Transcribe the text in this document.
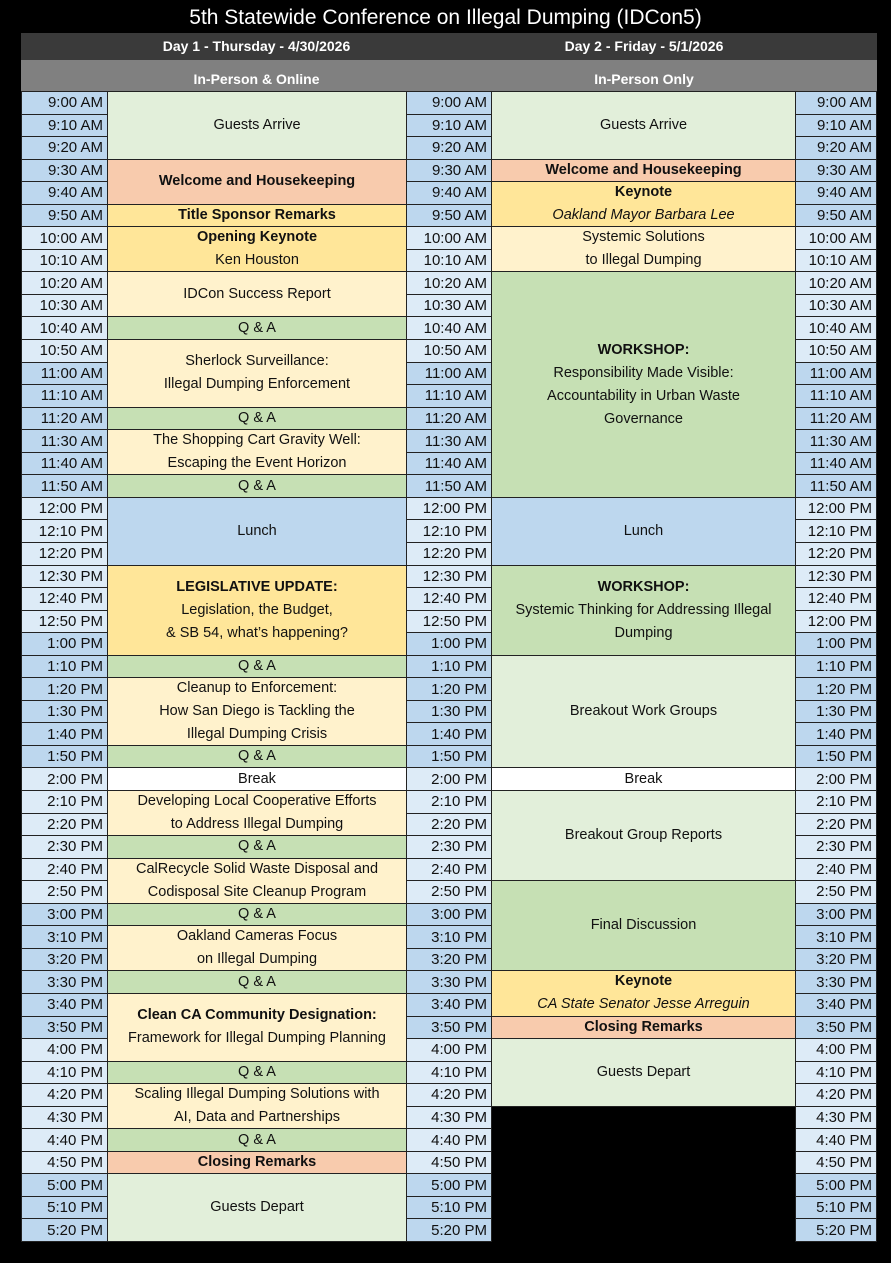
5th Statewide Conference on Illegal Dumping (IDCon5)
Day 1 - Thursday - 4/30/2026	Day 2 - Friday - 5/1/2026
In-Person & Online	In-Person Only
9:00 AM
9:10 AM
9:20 AM
9:30 AM
9:40 AM
9:50 AM
10:00 AM
10:10 AM
10:20 AM
10:30 AM
10:40 AM
10:50 AM
11:00 AM
11:10 AM
11:20 AM
11:30 AM
11:40 AM
11:50 AM
12:00 PM
12:10 PM
12:20 PM
12:30 PM
12:40 PM
12:50 PM
1:00 PM
1:10 PM
1:20 PM
1:30 PM
1:40 PM
1:50 PM
2:00 PM
2:10 PM
2:20 PM
2:30 PM
2:40 PM
2:50 PM
3:00 PM
3:10 PM
3:20 PM
3:30 PM
3:40 PM
3:50 PM
4:00 PM
4:10 PM
4:20 PM
4:30 PM
4:40 PM
4:50 PM
5:00 PM
5:10 PM
5:20 PM
9:00 AM
9:10 AM
9:20 AM
9:30 AM
9:40 AM
9:50 AM
10:00 AM
10:10 AM
10:20 AM
10:30 AM
10:40 AM
10:50 AM
11:00 AM
11:10 AM
11:20 AM
11:30 AM
11:40 AM
11:50 AM
12:00 PM
12:10 PM
12:20 PM
12:30 PM
12:40 PM
12:50 PM
1:00 PM
1:10 PM
1:20 PM
1:30 PM
1:40 PM
1:50 PM
2:00 PM
2:10 PM
2:20 PM
2:30 PM
2:40 PM
2:50 PM
3:00 PM
3:10 PM
3:20 PM
3:30 PM
3:40 PM
3:50 PM
4:00 PM
4:10 PM
4:20 PM
4:30 PM
4:40 PM
4:50 PM
5:00 PM
5:10 PM
5:20 PM
9:00 AM
9:10 AM
9:20 AM
9:30 AM
9:40 AM
9:50 AM
10:00 AM
10:10 AM
10:20 AM
10:30 AM
10:40 AM
10:50 AM
11:00 AM
11:10 AM
11:20 AM
11:30 AM
11:40 AM
11:50 AM
12:00 PM
12:10 PM
12:20 PM
12:30 PM
12:40 PM
12:00 PM
1:00 PM
1:10 PM
1:20 PM
1:30 PM
1:40 PM
1:50 PM
2:00 PM
2:10 PM
2:20 PM
2:30 PM
2:40 PM
2:50 PM
3:00 PM
3:10 PM
3:20 PM
3:30 PM
3:40 PM
3:50 PM
4:00 PM
4:10 PM
4:20 PM
4:30 PM
4:40 PM
4:50 PM
5:00 PM
5:10 PM
5:20 PM
Guests Arrive
Welcome and Housekeeping
Title Sponsor Remarks
Opening Keynote
Ken Houston
IDCon Success Report
Q & A
Sherlock Surveillance:
Illegal Dumping Enforcement
Q & A
The Shopping Cart Gravity Well:
Escaping the Event Horizon
Q & A
Lunch
LEGISLATIVE UPDATE:
Legislation, the Budget,
& SB 54, what’s happening?
Q & A
Cleanup to Enforcement:
How San Diego is Tackling the
Illegal Dumping Crisis
Q & A
Break
Developing Local Cooperative Efforts
to Address Illegal Dumping
Q & A
CalRecycle Solid Waste Disposal and
Codisposal Site Cleanup Program
Q & A
Oakland Cameras Focus
on Illegal Dumping
Q & A
Clean CA Community Designation:
Framework for Illegal Dumping Planning
Q & A
Scaling Illegal Dumping Solutions with
AI, Data and Partnerships
Q & A
Closing Remarks
Guests Depart
Guests Arrive
Welcome and Housekeeping
Keynote
Oakland Mayor Barbara Lee
Systemic Solutions
to Illegal Dumping
WORKSHOP:
Responsibility Made Visible:
Accountability in Urban Waste
Governance
Lunch
WORKSHOP:
Systemic Thinking for Addressing Illegal
Dumping
Breakout Work Groups
Break
Breakout Group Reports
Final Discussion
Keynote
CA State Senator Jesse Arreguin
Closing Remarks
Guests Depart
